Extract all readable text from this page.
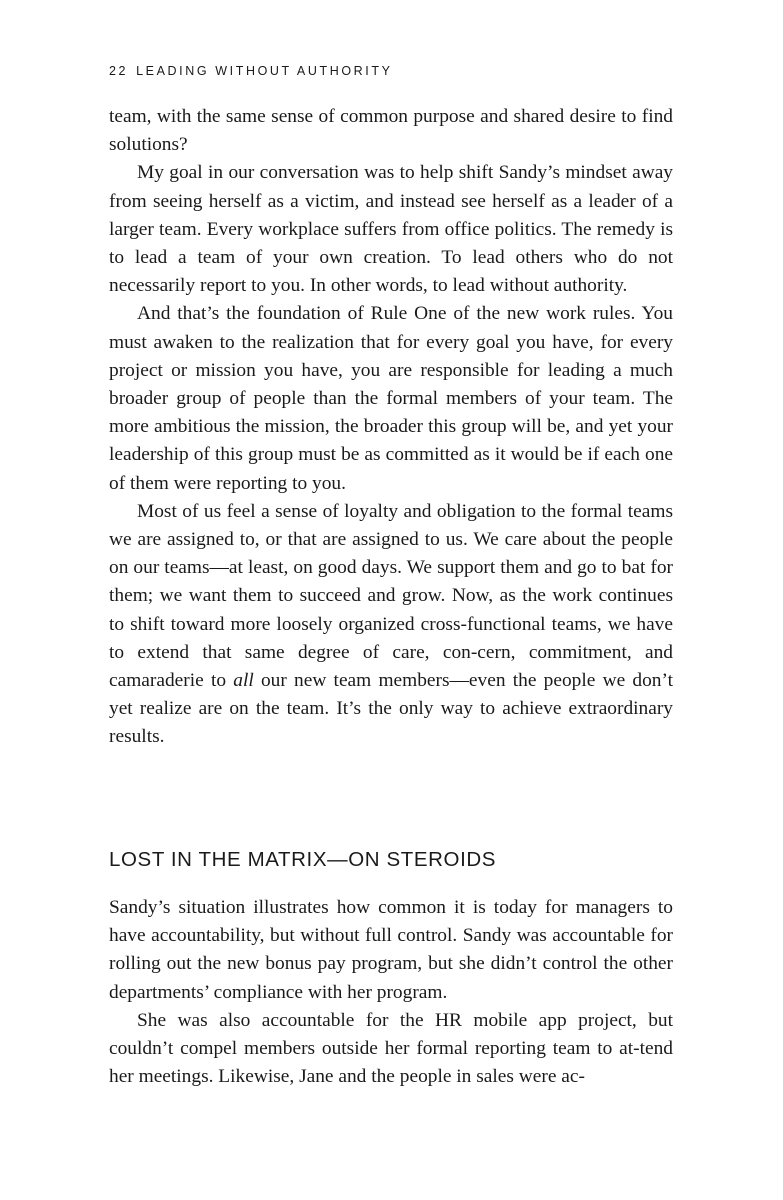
22 LEADING WITHOUT AUTHORITY

team, with the same sense of common purpose and shared desire to find solutions?

My goal in our conversation was to help shift Sandy’s mindset away from seeing herself as a victim, and instead see herself as a leader of a larger team. Every workplace suffers from office politics. The remedy is to lead a team of your own creation. To lead others who do not necessarily report to you. In other words, to lead without authority.

And that’s the foundation of Rule One of the new work rules. You must awaken to the realization that for every goal you have, for every project or mission you have, you are responsible for leading a much broader group of people than the formal members of your team. The more ambitious the mission, the broader this group will be, and yet your leadership of this group must be as committed as it would be if each one of them were reporting to you.

Most of us feel a sense of loyalty and obligation to the formal teams we are assigned to, or that are assigned to us. We care about the people on our teams—at least, on good days. We support them and go to bat for them; we want them to succeed and grow. Now, as the work continues to shift toward more loosely organized cross-functional teams, we have to extend that same degree of care, con-cern, commitment, and camaraderie to all our new team members—even the people we don’t yet realize are on the team. It’s the only way to achieve extraordinary results.

LOST IN THE MATRIX—ON STEROIDS

Sandy’s situation illustrates how common it is today for managers to have accountability, but without full control. Sandy was accountable for rolling out the new bonus pay program, but she didn’t control the other departments’ compliance with her program.

She was also accountable for the HR mobile app project, but couldn’t compel members outside her formal reporting team to at-tend her meetings. Likewise, Jane and the people in sales were ac-
